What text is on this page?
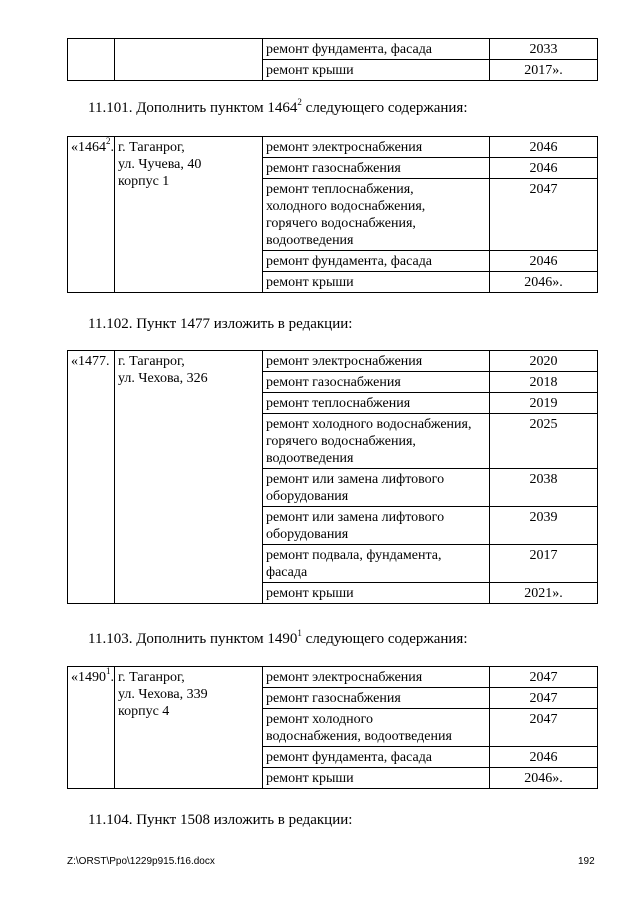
		ремонт фундамента, фасада	2033
		ремонт крыши	2017».
11.101. Дополнить пунктом 1464$^2$ следующего содержания:
«1464$^2$.	г. Таганрог,
ул. Чучева, 40
корпус 1	ремонт электроснабжения	2046
		ремонт газоснабжения	2046
		ремонт теплоснабжения,
холодного водоснабжения,
горячего водоснабжения,
водоотведения	2047
		ремонт фундамента, фасада	2046
		ремонт крыши	2046».
11.102. Пункт 1477 изложить в редакции:
«1477.	г. Таганрог,
ул. Чехова, 326	ремонт электроснабжения	2020
		ремонт газоснабжения	2018
		ремонт теплоснабжения	2019
		ремонт холодного водоснабжения,
горячего водоснабжения,
водоотведения	2025
		ремонт или замена лифтового
оборудования	2038
		ремонт или замена лифтового
оборудования	2039
		ремонт подвала, фундамента,
фасада	2017
		ремонт крыши	2021».
11.103. Дополнить пунктом 1490$^1$ следующего содержания:
«1490$^1$.	г. Таганрог,
ул. Чехова, 339
корпус 4	ремонт электроснабжения	2047
		ремонт газоснабжения	2047
		ремонт холодного
водоснабжения, водоотведения	2047
		ремонт фундамента, фасада	2046
		ремонт крыши	2046».
11.104. Пункт 1508 изложить в редакции:
Z:\ORST\Ppo\1229p915.f16.docx	192
